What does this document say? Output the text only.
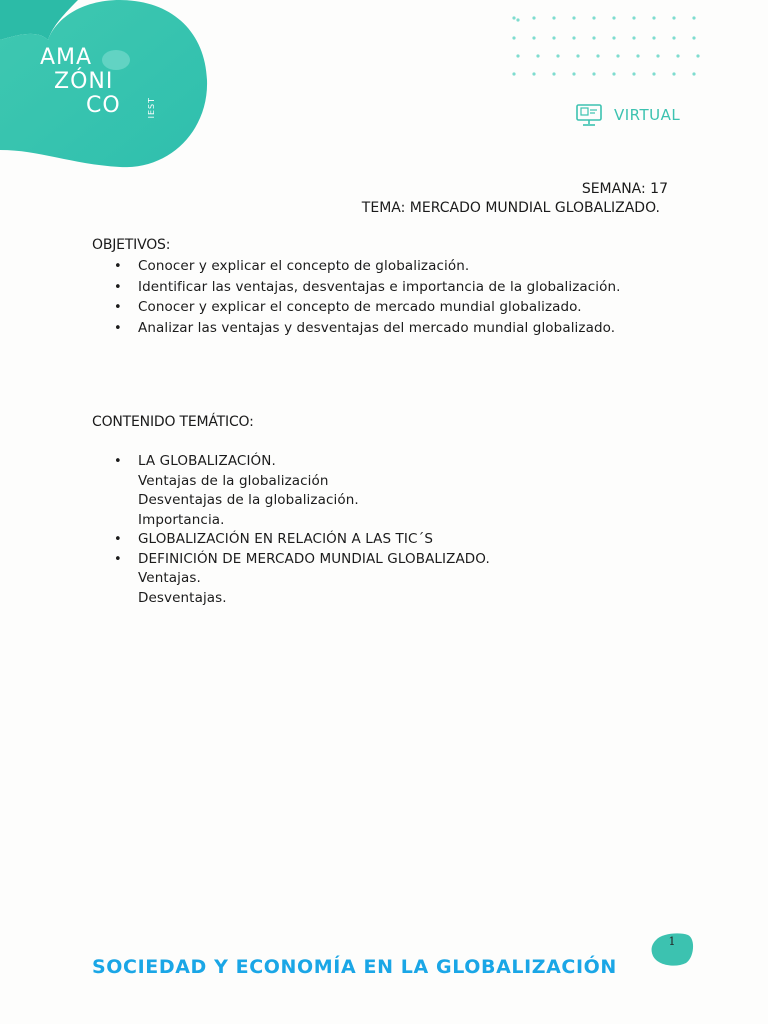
AMA
ZÓNI
CO	IEST	VIRTUAL
SEMANA: 17
TEMA: MERCADO MUNDIAL GLOBALIZADO.
OBJETIVOS:
• Conocer y explicar el concepto de globalización.
• Identificar las ventajas, desventajas e importancia de la globalización.
• Conocer y explicar el concepto de mercado mundial globalizado.
• Analizar las ventajas y desventajas del mercado mundial globalizado.
CONTENIDO TEMÁTICO:
• LA GLOBALIZACIÓN.
Ventajas de la globalización
Desventajas de la globalización.
Importancia.
• GLOBALIZACIÓN EN RELACIÓN A LAS TIC´S
• DEFINICIÓN DE MERCADO MUNDIAL GLOBALIZADO.
Ventajas.
Desventajas.
1
SOCIEDAD Y ECONOMÍA EN LA GLOBALIZACIÓN
